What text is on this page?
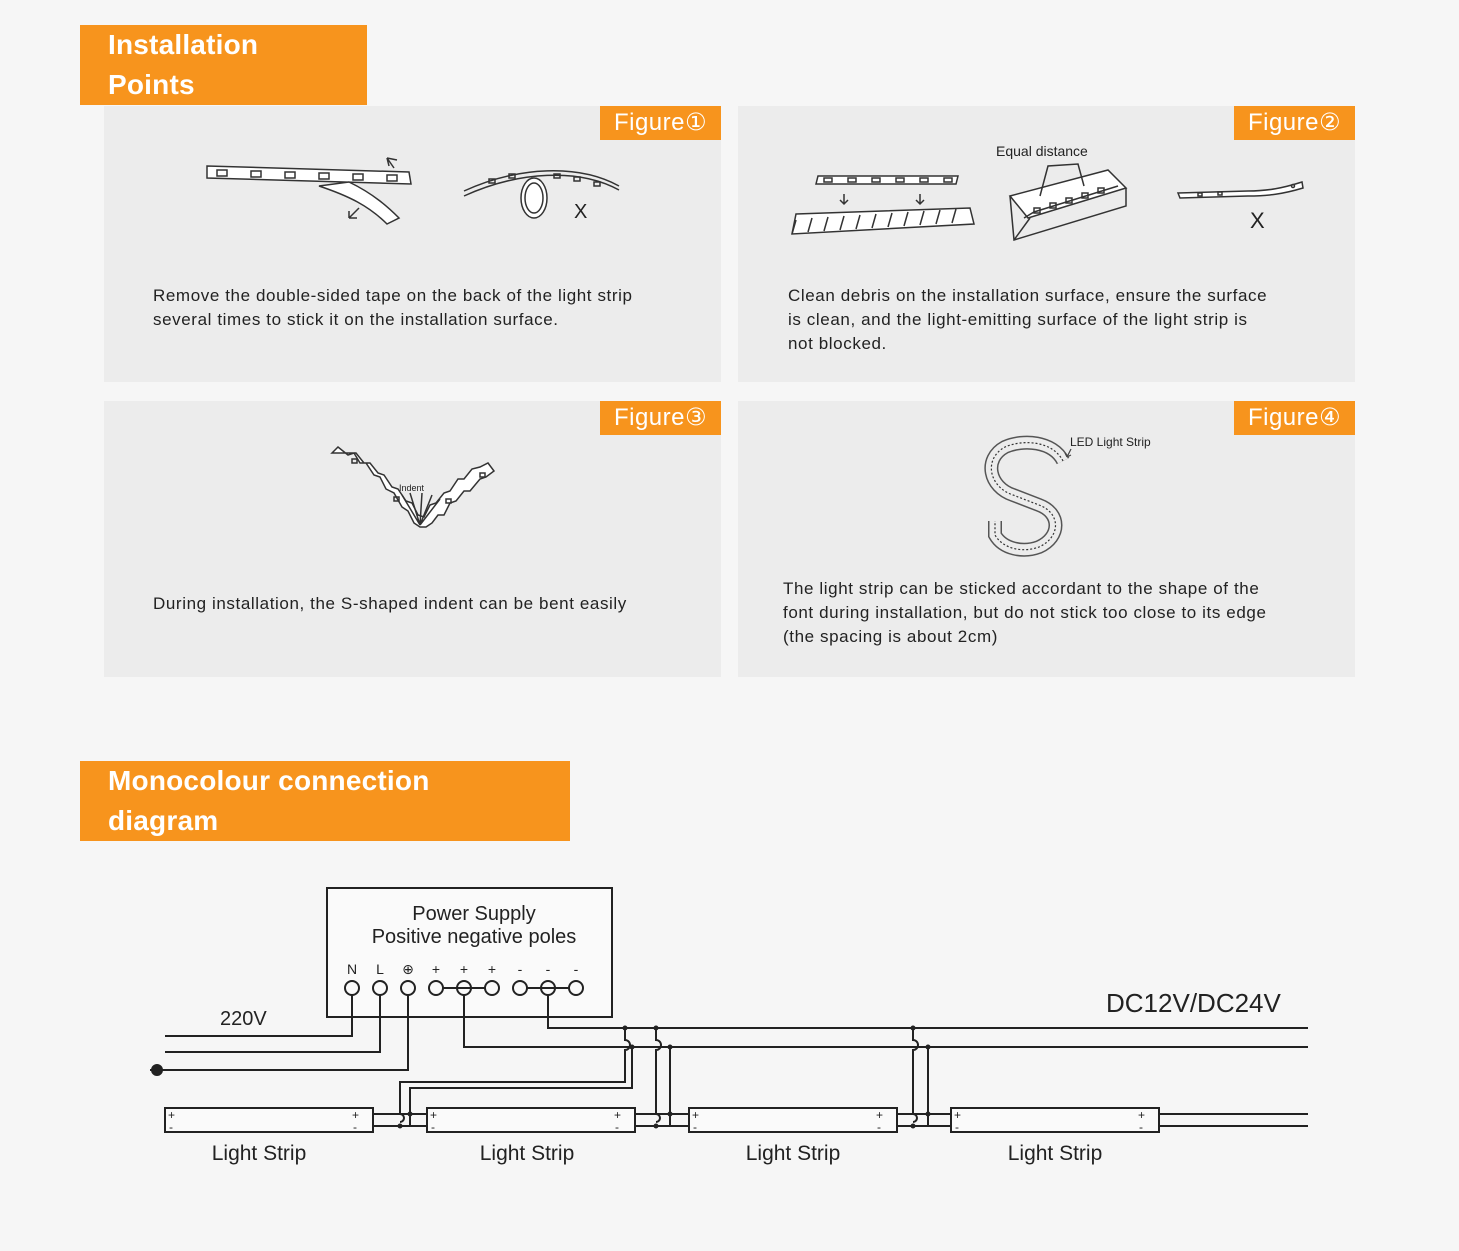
Installation Points
Figure①
X
Remove the double-sided tape on the back of the light strip
several times to stick it on the installation surface.
Figure②
Equal distance
X
Clean debris on the installation surface, ensure the surface
is clean, and the light-emitting surface of the light strip is
not blocked.
Figure③
Indent
During installation, the S-shaped indent can be bent easily
Figure④
LED Light Strip
The light strip can be sticked accordant to the shape of the
font during installation, but do not stick too close to its edge
(the spacing is about 2cm)
Monocolour connection diagram
Power Supply
Positive negative poles
N L ⊕ + + + - - -
220V
DC12V/DC24V
+
-
+
-
+
-
+
-
+
-
+
-
+
-
+
-
Light Strip	Light Strip	Light Strip	Light Strip
